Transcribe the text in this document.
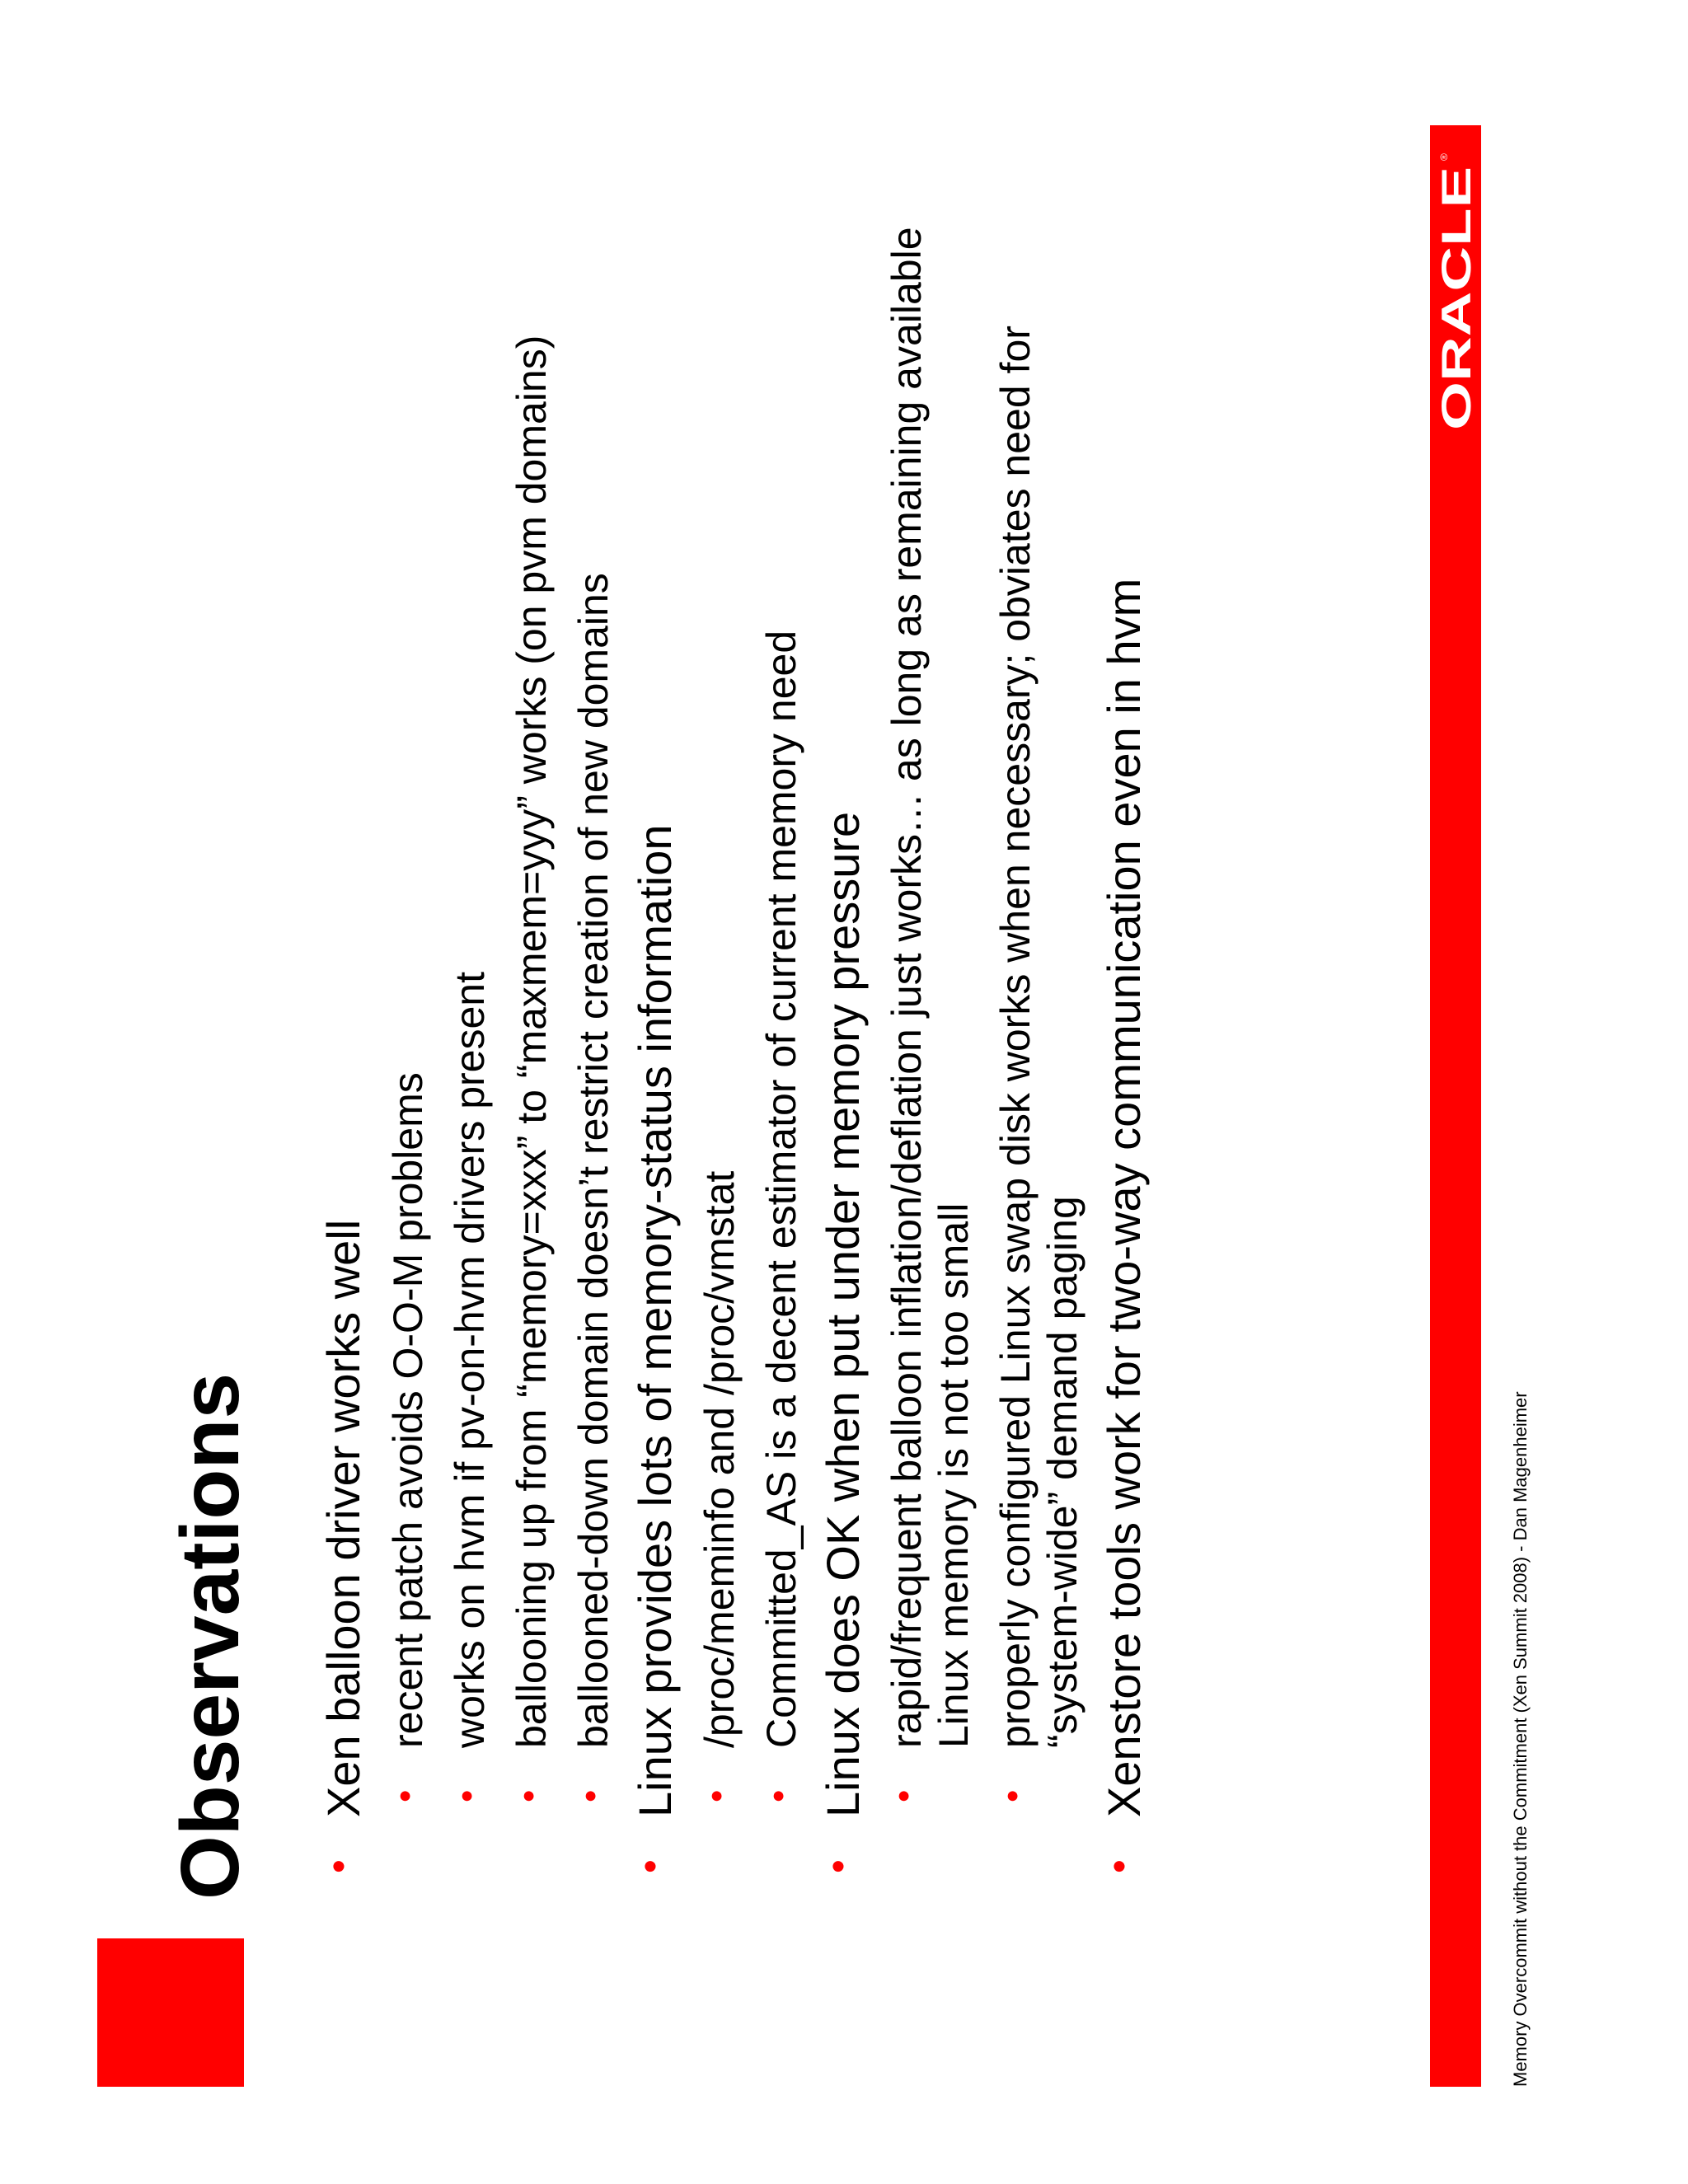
Observations •
Xen balloon driver works well •
recent patch avoids O-O-M problems
•
works on hvm if pv-on-hvm drivers present
•
ballooning up from “memory=xxx” to “maxmem=yyy” works (on pvm domains)
•
ballooned-down domain doesn’t restrict creation of new domains
•
Linux provides lots of memory-status information •
/proc/meminfo and /proc/vmstat
•
Committed_AS is a decent estimator of current memory need
•
Linux does OK when put under memory pressure •
rapid/frequent balloon inflation/deflation just works… as long as remaining available Linux memory is not too small
•
properly configured Linux swap disk works when necessary; obviates need for “system-wide” demand paging
•
Xenstore tools work for two-way communication even in hvm
ORACLE
®
Memory Overcommit without the Commitment (Xen Summit 2008) - Dan Magenheimer
